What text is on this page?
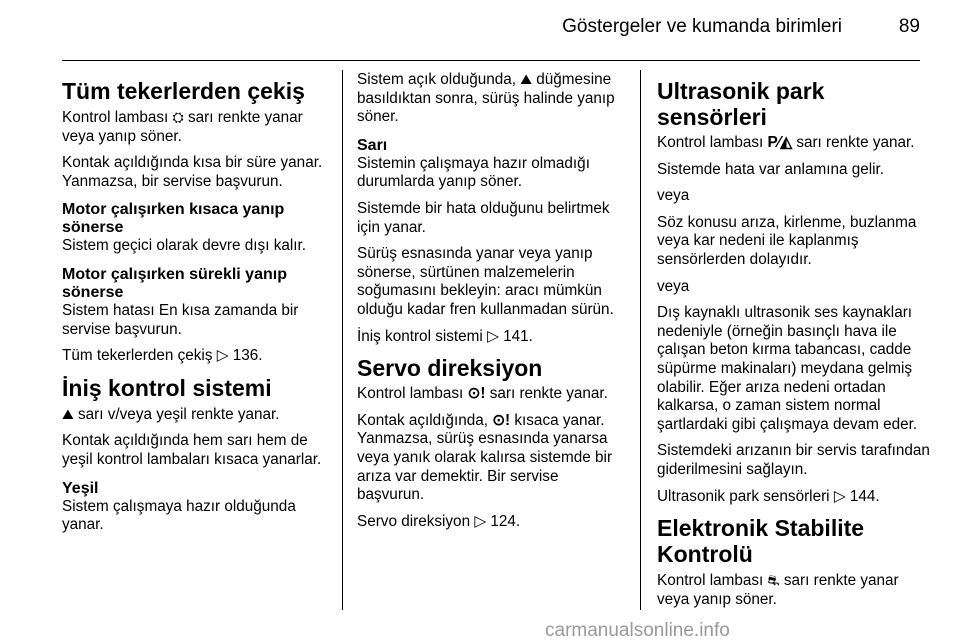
Göstergeler ve kumanda birimleri	89
Tüm tekerlerden çekiş

Kontrol lambası ⛭ sarı renkte yanar veya yanıp söner.

Kontak açıldığında kısa bir süre yanar. Yanmazsa, bir servise başvurun.

Motor çalışırken kısaca yanıp sönerse

Sistem geçici olarak devre dışı kalır.

Motor çalışırken sürekli yanıp sönerse

Sistem hatası En kısa zamanda bir servise başvurun.

Tüm tekerlerden çekiş ▷ 136.

İniş kontrol sistemi

⛰ sarı v/veya yeşil renkte yanar.

Kontak açıldığında hem sarı hem de yeşil kontrol lambaları kısaca yanarlar.

Yeşil

Sistem çalışmaya hazır olduğunda yanar.

Sistem açık olduğunda, ⛰ düğmesine basıldıktan sonra, sürüş halinde yanıp söner.

Sarı

Sistemin çalışmaya hazır olmadığı durumlarda yanıp söner.

Sistemde bir hata olduğunu belirtmek için yanar.

Sürüş esnasında yanar veya yanıp sönerse, sürtünen malzemelerin soğumasını bekleyin: aracı mümkün olduğu kadar fren kullanmadan sürün.

İniş kontrol sistemi ▷ 141.

Servo direksiyon

Kontrol lambası ⊙! sarı renkte yanar.

Kontak açıldığında, ⊙! kısaca yanar. Yanmazsa, sürüş esnasında yanarsa veya yanık olarak kalırsa sistemde bir arıza var demektir. Bir servise başvurun.

Servo direksiyon ▷ 124.

Ultrasonik park sensörleri

Kontrol lambası P⁄◭ sarı renkte yanar.

Sistemde hata var anlamına gelir.

veya

Söz konusu arıza, kirlenme, buzlanma veya kar nedeni ile kaplanmış sensörlerden dolayıdır.

veya

Dış kaynaklı ultrasonik ses kaynakları nedeniyle (örneğin basınçlı hava ile çalışan beton kırma tabancası, cadde süpürme makinaları) meydana gelmiş olabilir. Eğer arıza nedeni ortadan kalkarsa, o zaman sistem normal şartlardaki gibi çalışmaya devam eder.

Sistemdeki arızanın bir servis tarafından giderilmesini sağlayın.

Ultrasonik park sensörleri ▷ 144.

Elektronik Stabilite Kontrolü

Kontrol lambası ⛐ sarı renkte yanar veya yanıp söner.

carmanualsonline.info
